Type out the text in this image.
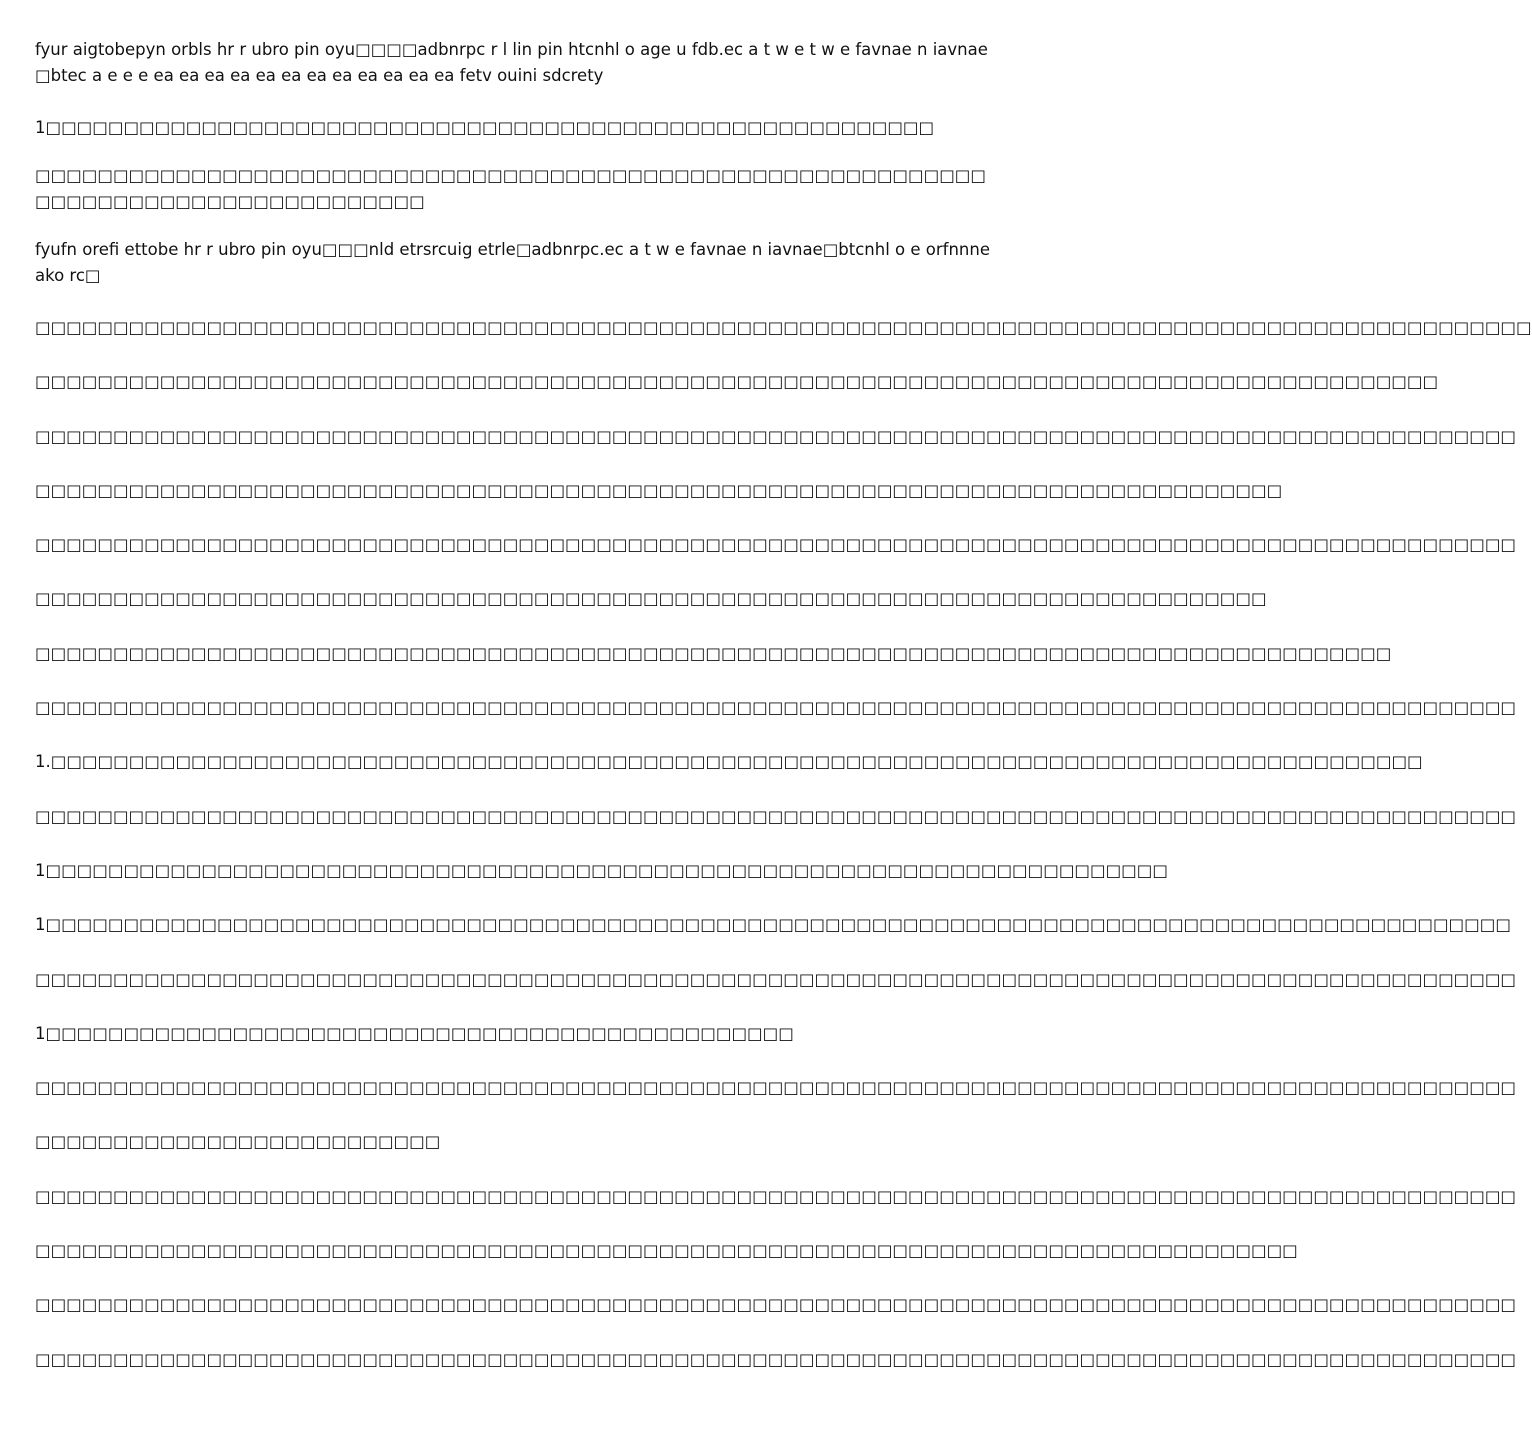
fyur aigtobepyn orbls hr r ubro pin oyu□□□□adbnrpc r l lin pin htcnhl o age u fdb.ec a t w e t w e favnae n iavnae□btec a e e e ea ea ea ea ea ea ea ea ea ea ea ea fetv ouini sdcrety

1□□□□□□□□□□□□□□□□□□□□□□□□□□□□□□□□□□□□□□□□□□□□□□□□□□□□□□□□□

□□□□□□□□□□□□□□□□□□□□□□□□□□□□□□□□□□□□□□□□□□□□□□□□□□□□□□□□□□□□□□□□□□□□□□□□□□□□□□□□□□□□□□

fyufn orefi ettobe hr r ubro pin oyu□□□nld etrsrcuig etrle□adbnrpc.ec a t w e favnae n iavnae□btcnhl o e orfnnne ako rc□

□□□□□□□□□□□□□□□□□□□□□□□□□□□□□□□□□□□□□□□□□□□□□□□□□□□□□□□□□□□□□□□□□□□□□□□□□□□□□□□□□□□□□□□□□□□□□□□□
□□□□□□□□□□□□□□□□□□□□□□□□□□□□□□□□□□□□□□□□□□□□□□□□□□□□□□□□□□□□□□□□□□□□□□□□□□□□□□□□□□□□□□□□□□
□□□□□□□□□□□□□□□□□□□□□□□□□□□□□□□□□□□□□□□□□□□□□□□□□□□□□□□□□□□□□□□□□□□□□□□□□□□□□□□□□□□□□□□□□□□□□□□
□□□□□□□□□□□□□□□□□□□□□□□□□□□□□□□□□□□□□□□□□□□□□□□□□□□□□□□□□□□□□□□□□□□□□□□□□□□□□□□□
□□□□□□□□□□□□□□□□□□□□□□□□□□□□□□□□□□□□□□□□□□□□□□□□□□□□□□□□□□□□□□□□□□□□□□□□□□□□□□□□□□□□□□□□□□□□□□□
□□□□□□□□□□□□□□□□□□□□□□□□□□□□□□□□□□□□□□□□□□□□□□□□□□□□□□□□□□□□□□□□□□□□□□□□□□□□□□□
□□□□□□□□□□□□□□□□□□□□□□□□□□□□□□□□□□□□□□□□□□□□□□□□□□□□□□□□□□□□□□□□□□□□□□□□□□□□□□□□□□□□□□□
□□□□□□□□□□□□□□□□□□□□□□□□□□□□□□□□□□□□□□□□□□□□□□□□□□□□□□□□□□□□□□□□□□□□□□□□□□□□□□□□□□□□□□□□□□□□□□□
1.□□□□□□□□□□□□□□□□□□□□□□□□□□□□□□□□□□□□□□□□□□□□□□□□□□□□□□□□□□□□□□□□□□□□□□□□□□□□□□□□□□□□□□□□
□□□□□□□□□□□□□□□□□□□□□□□□□□□□□□□□□□□□□□□□□□□□□□□□□□□□□□□□□□□□□□□□□□□□□□□□□□□□□□□□□□□□□□□□□□□□□□□
1□□□□□□□□□□□□□□□□□□□□□□□□□□□□□□□□□□□□□□□□□□□□□□□□□□□□□□□□□□□□□□□□□□□□□□□□
1□□□□□□□□□□□□□□□□□□□□□□□□□□□□□□□□□□□□□□□□□□□□□□□□□□□□□□□□□□□□□□□□□□□□□□□□□□□□□□□□□□□□□□□□□□□□□□
□□□□□□□□□□□□□□□□□□□□□□□□□□□□□□□□□□□□□□□□□□□□□□□□□□□□□□□□□□□□□□□□□□□□□□□□□□□□□□□□□□□□□□□□□□□□□□□
1□□□□□□□□□□□□□□□□□□□□□□□□□□□□□□□□□□□□□□□□□□□□□□□□
□□□□□□□□□□□□□□□□□□□□□□□□□□□□□□□□□□□□□□□□□□□□□□□□□□□□□□□□□□□□□□□□□□□□□□□□□□□□□□□□□□□□□□□□□□□□□□□
□□□□□□□□□□□□□□□□□□□□□□□□□□
□□□□□□□□□□□□□□□□□□□□□□□□□□□□□□□□□□□□□□□□□□□□□□□□□□□□□□□□□□□□□□□□□□□□□□□□□□□□□□□□□□□□□□□□□□□□□□□
□□□□□□□□□□□□□□□□□□□□□□□□□□□□□□□□□□□□□□□□□□□□□□□□□□□□□□□□□□□□□□□□□□□□□□□□□□□□□□□□□
□□□□□□□□□□□□□□□□□□□□□□□□□□□□□□□□□□□□□□□□□□□□□□□□□□□□□□□□□□□□□□□□□□□□□□□□□□□□□□□□□□□□□□□□□□□□□□□
□□□□□□□□□□□□□□□□□□□□□□□□□□□□□□□□□□□□□□□□□□□□□□□□□□□□□□□□□□□□□□□□□□□□□□□□□□□□□□□□□□□□□□□□□□□□□□□
